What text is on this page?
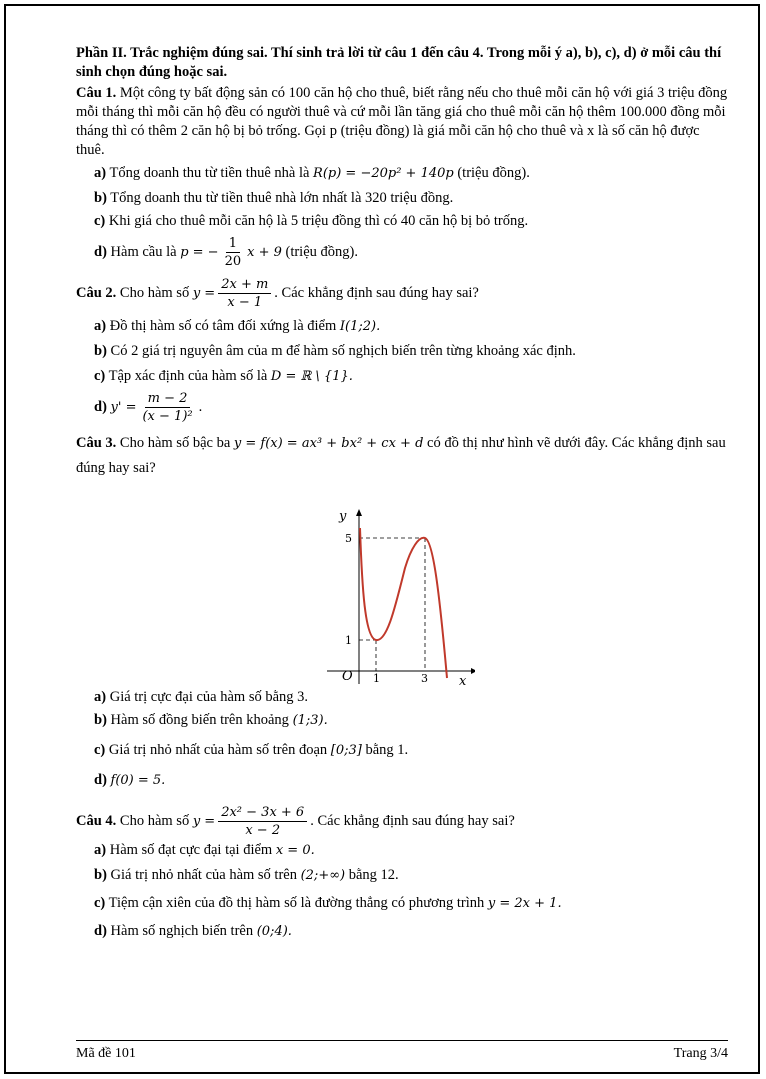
Phần II. Trắc nghiệm đúng sai. Thí sinh trả lời từ câu 1 đến câu 4. Trong mỗi ý a), b), c), d) ở mỗi câu thí sinh chọn đúng hoặc sai.

Câu 1. Một công ty bất động sản có 100 căn hộ cho thuê, biết rằng nếu cho thuê mỗi căn hộ với giá 3 triệu đồng mỗi tháng thì mỗi căn hộ đều có người thuê và cứ mỗi lần tăng giá cho thuê mỗi căn hộ thêm 100.000 đồng mỗi tháng thì có thêm 2 căn hộ bị bỏ trống. Gọi p (triệu đồng) là giá mỗi căn hộ cho thuê và x là số căn hộ được thuê.

a) Tổng doanh thu từ tiền thuê nhà là R(p) = −20p² + 140p (triệu đồng).

b) Tổng doanh thu từ tiền thuê nhà lớn nhất là 320 triệu đồng.

c) Khi giá cho thuê mỗi căn hộ là 5 triệu đồng thì có 40 căn hộ bị bỏ trống.

d) Hàm cầu là p = − $\frac{1}{20}$ x + 9 (triệu đồng).

Câu 2. Cho hàm số $y = \frac{2x + m}{x - 1}$ . Các khẳng định sau đúng hay sai?

a) Đồ thị hàm số có tâm đối xứng là điểm I(1;2).

b) Có 2 giá trị nguyên âm của m để hàm số nghịch biến trên từng khoảng xác định.

c) Tập xác định của hàm số là D = ℝ \ {1}.

d) $y' = \frac{m - 2}{\text{(x − 1)²}}$ .

Câu 3. Cho hàm số bậc ba y = f(x) = ax³ + bx² + cx + d có đồ thị như hình vẽ dưới đây. Các khẳng định sau đúng hay sai?

y
x
O 1	3
1
5

a) Giá trị cực đại của hàm số bằng 3.

b) Hàm số đồng biến trên khoảng (1;3).

c) Giá trị nhỏ nhất của hàm số trên đoạn [0;3] bằng 1.

d) f(0) = 5.

Câu 4. Cho hàm số $y = \frac{\text{2x² − 3x + 6}}{x - 2}$ . Các khẳng định sau đúng hay sai?

a) Hàm số đạt cực đại tại điểm x = 0.

b) Giá trị nhỏ nhất của hàm số trên (2;+∞) bằng 12.

c) Tiệm cận xiên của đồ thị hàm số là đường thẳng có phương trình y = 2x + 1.

d) Hàm số nghịch biến trên (0;4).

Mã đề 101	Trang 3/4
